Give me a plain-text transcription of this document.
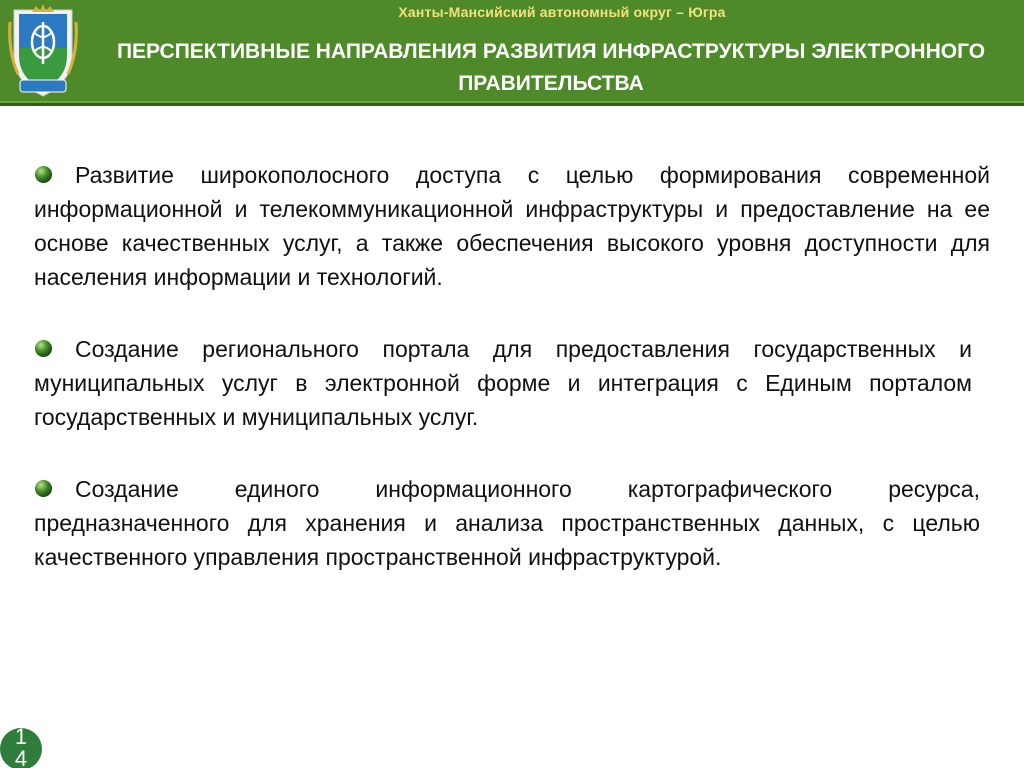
Ханты-Мансийский автономный округ – Югра
ПЕРСПЕКТИВНЫЕ НАПРАВЛЕНИЯ РАЗВИТИЯ ИНФРАСТРУКТУРЫ ЭЛЕКТРОННОГО ПРАВИТЕЛЬСТВА

Развитие широкополосного доступа с целью формирования современной информационной и телекоммуникационной инфраструктуры и предоставление на ее основе качественных услуг, а также обеспечения высокого уровня доступности для населения информации и технологий.

Создание регионального портала для предоставления государственных и муниципальных услуг в электронной форме и интеграция с Единым порталом государственных и муниципальных услуг.

Создание единого информационного картографического ресурса, предназначенного для хранения и анализа пространственных данных, с целью качественного управления пространственной инфраструктурой.

1
4
